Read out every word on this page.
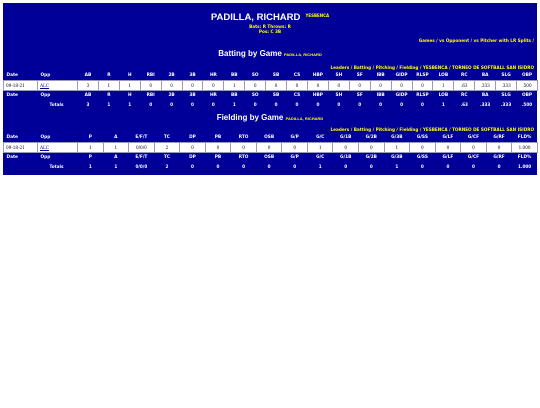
PADILLA, RICHARD YESBENCA
Bats: R Throws: R
Pos: C 3B
Games / vs Opponent / vs Pitcher with LR Splits /
Batting by Game PADILLA, RICHARD
Leaders / Batting / Pitching / Fielding / YESBENCA / TORNEO DE SOFTBALL SAN ISIDRO
Date	Opp	AB	R	H	RBI	2B	3B	HR	BB	SO	SB	CS	HBP	SH	SF	IBB	GIDP	RLSP	LOB	RC	BA	SLG	OBP
09-18-21	ALC	3	1	1	0	0	0	0	1	0	0	0	0	0	0	0	0	0	1	.63	.333	.333	.500
Date	Opp	AB	R	H	RBI	2B	3B	HR	BB	SO	SB	CS	HBP	SH	SF	IBB	GIDP	RLSP	LOB	RC	BA	SLG	OBP
	Totals	3	1	1	0	0	0	0	1	0	0	0	0	0	0	0	0	0	1	.63	.333	.333	.500
Fielding by Game PADILLA, RICHARD
Leaders / Batting / Pitching / Fielding / YESBENCA / TORNEO DE SOFTBALL SAN ISIDRO
Date	Opp	P	A	E/F/T	TC	DP	PB	RTO	OSB	G/P	G/C	G/1B	G/2B	G/3B	G/SS	G/LF	G/CF	G/RF	FLD%
09-18-21	ALC	1	1	0/0/0	2	0	0	0	0	0	1	0	0	1	0	0	0	0	1.000
Date	Opp	P	A	E/F/T	TC	DP	PB	RTO	OSB	G/P	G/C	G/1B	G/2B	G/3B	G/SS	G/LF	G/CF	G/RF	FLD%
	Totals	1	1	0/0/0	2	0	0	0	0	0	1	0	0	1	0	0	0	0	1.000
